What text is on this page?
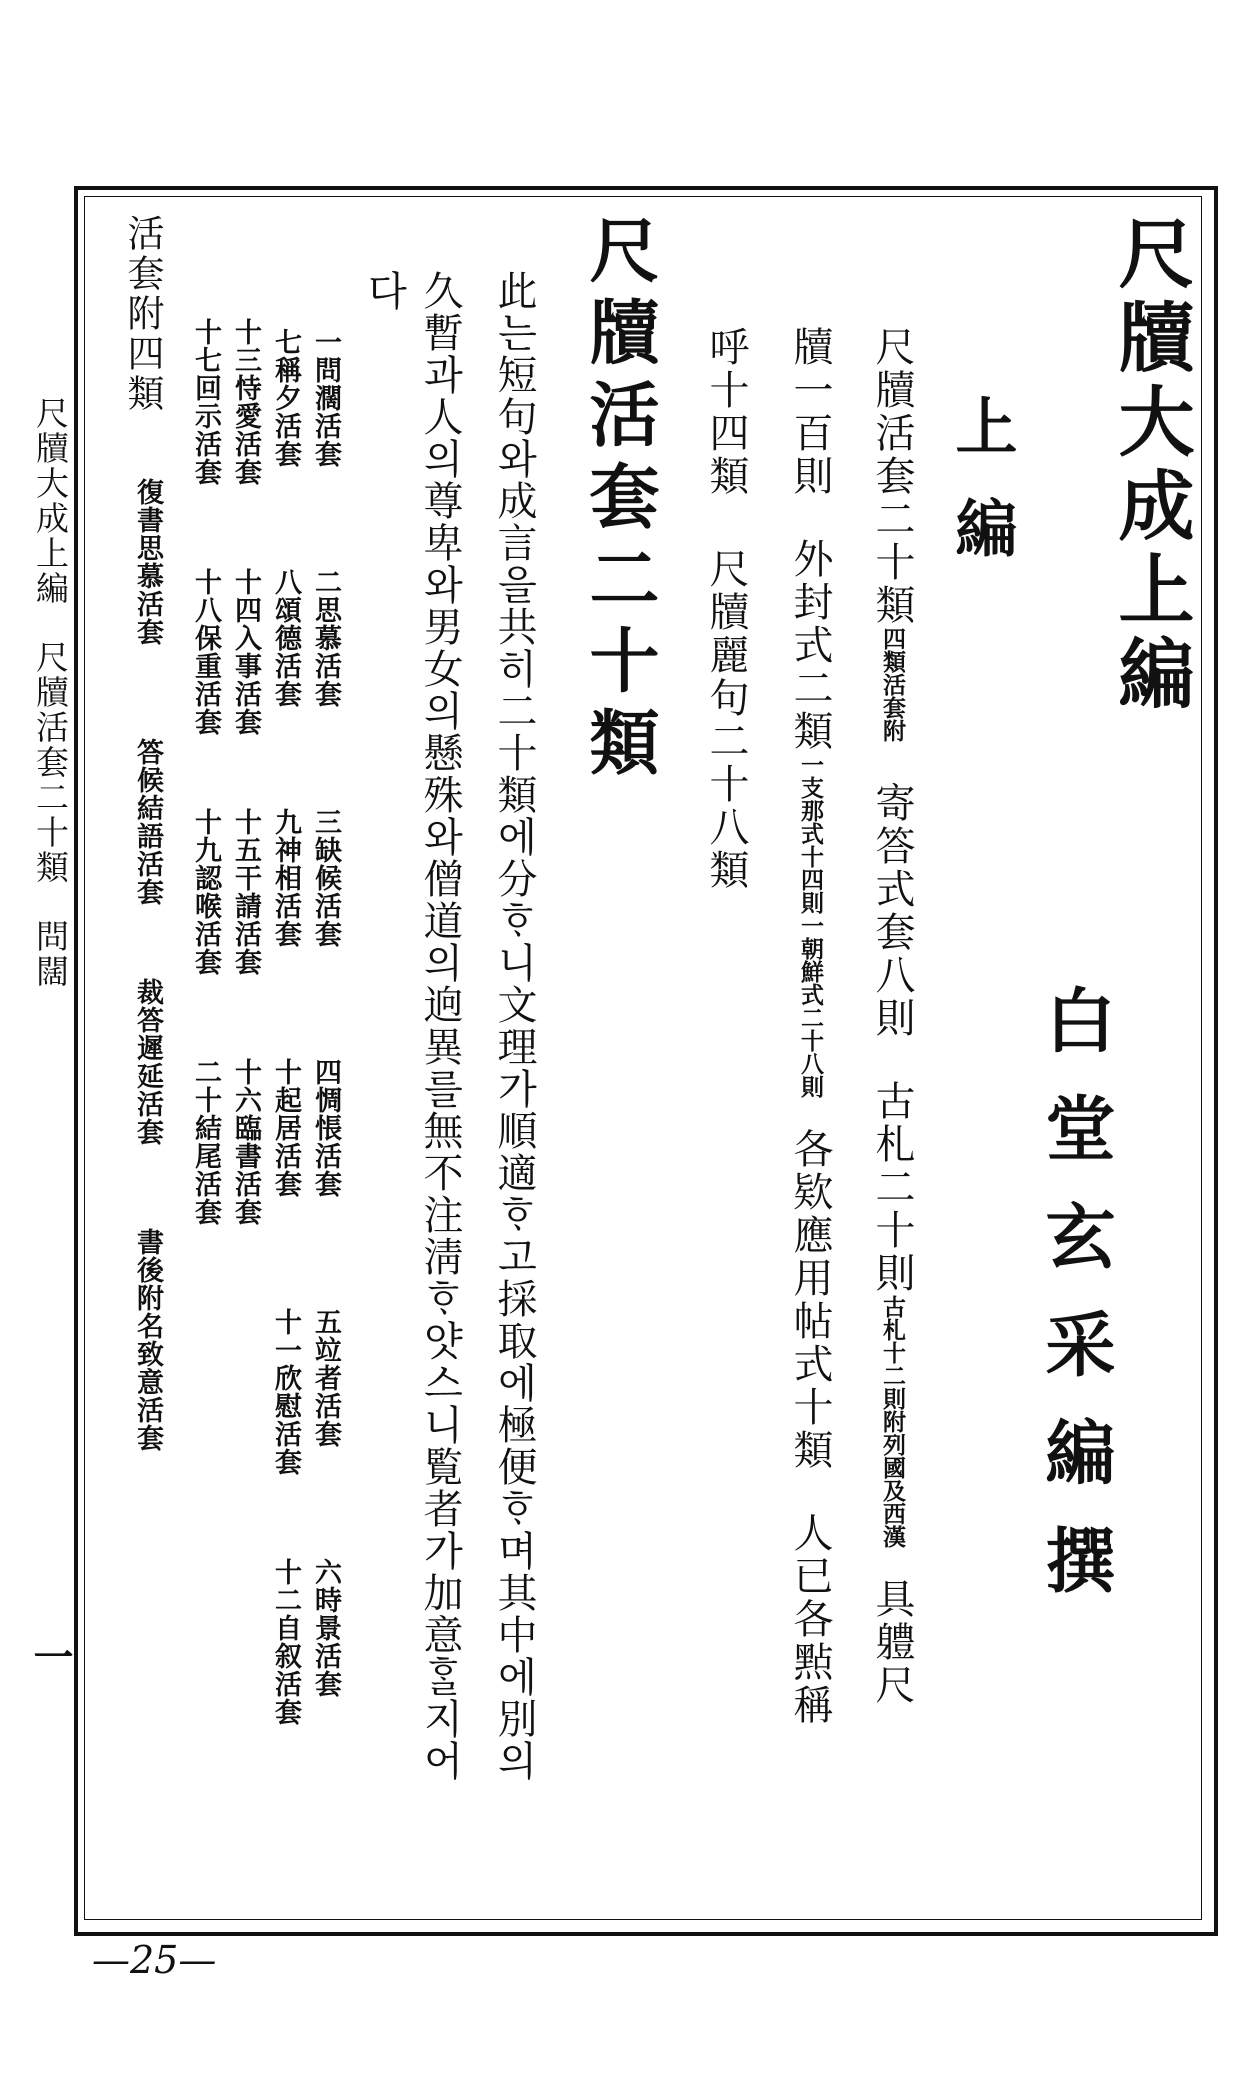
尺牘大成上編尺牘活套二十類問闊
一
尺牘大成上編
白堂玄采編撰
上編
尺牘活套二十類
活套附
四類
寄答式套八則古札二十則
附列國及西漢
古札十二則
具軆尺
牘一百則外封式二類
一朝鮮式二十八則
一支那式十四則
各欵應用帖式十類人已各㸃稱
呼十四類尺牘麗句二十八類
尺牘活套二十類
此는短句와成言을共히二十類에分ᄒᆞ니文理가順適ᄒᆞ고採取에極便ᄒᆞ며其中에別의
久暫과人의尊卑와男女의懸殊와僧道의逈異를無不注淸ᄒᆞ얏스니覧者가加意ᄒᆞᆯ지어
다
一問濶活套
二思慕活套
三缺候活套
四惆悵活套
五竝者活套
六時景活套
七稱夕活套
八頌德活套
九神相活套
十起居活套
十一欣慰活套
十二自叙活套
十三恃愛活套
十四入事活套
十五干請活套
十六臨書活套
十七回示活套
十八保重活套
十九認喉活套
二十結尾活套
活套附四類
復書思慕活套
答候結語活套
裁答遲延活套
書後附名致意活套
—25—
